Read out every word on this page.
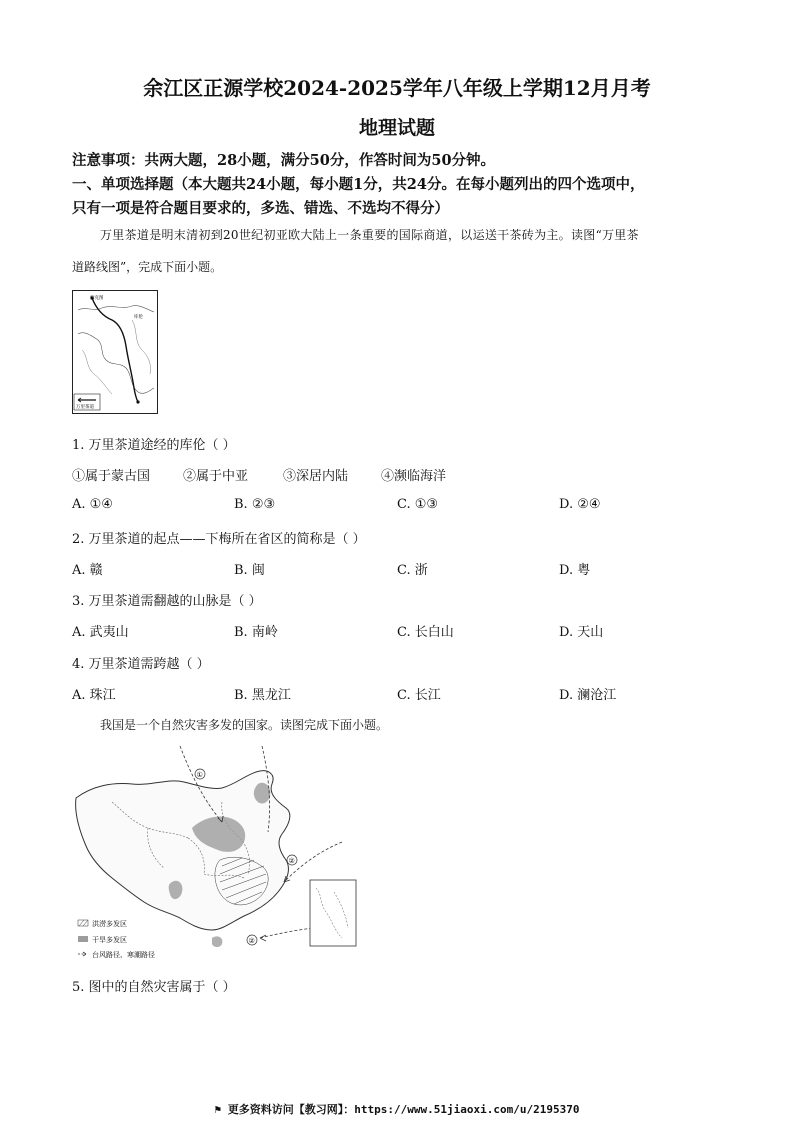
余江区正源学校2024-2025学年八年级上学期12月月考
地理试题
注意事项：共两大题，28小题，满分50分，作答时间为50分钟。
一、单项选择题（本大题共24小题，每小题1分，共24分。在每小题列出的四个选项中，
只有一项是符合题目要求的，多选、错选、不选均不得分）
万里茶道是明末清初到20世纪初亚欧大陆上一条重要的国际商道，以运送干茶砖为主。读图“万里茶
道路线图”，完成下面小题。
恰克图
库伦
万里茶道
1. 万里茶道途经的库伦（ ）
①属于蒙古国	②属于中亚	③深居内陆	④濒临海洋
A. ①④	B. ②③	C. ①③	D. ②④
2. 万里茶道的起点——下梅所在省区的简称是（ ）
A. 赣	B. 闽	C. 浙	D. 粤
3. 万里茶道需翻越的山脉是（ ）
A. 武夷山	B. 南岭	C. 长白山	D. 天山
4. 万里茶道需跨越（ ）
A. 珠江	B. 黑龙江	C. 长江	D. 澜沧江
我国是一个自然灾害多发的国家。读图完成下面小题。
①
②
②
洪涝多发区
干旱多发区
台风路径、寒潮路径
5. 图中的自然灾害属于（ ）
⚑ 更多资料访问【教习网】：https://www.51jiaoxi.com/u/2195370
